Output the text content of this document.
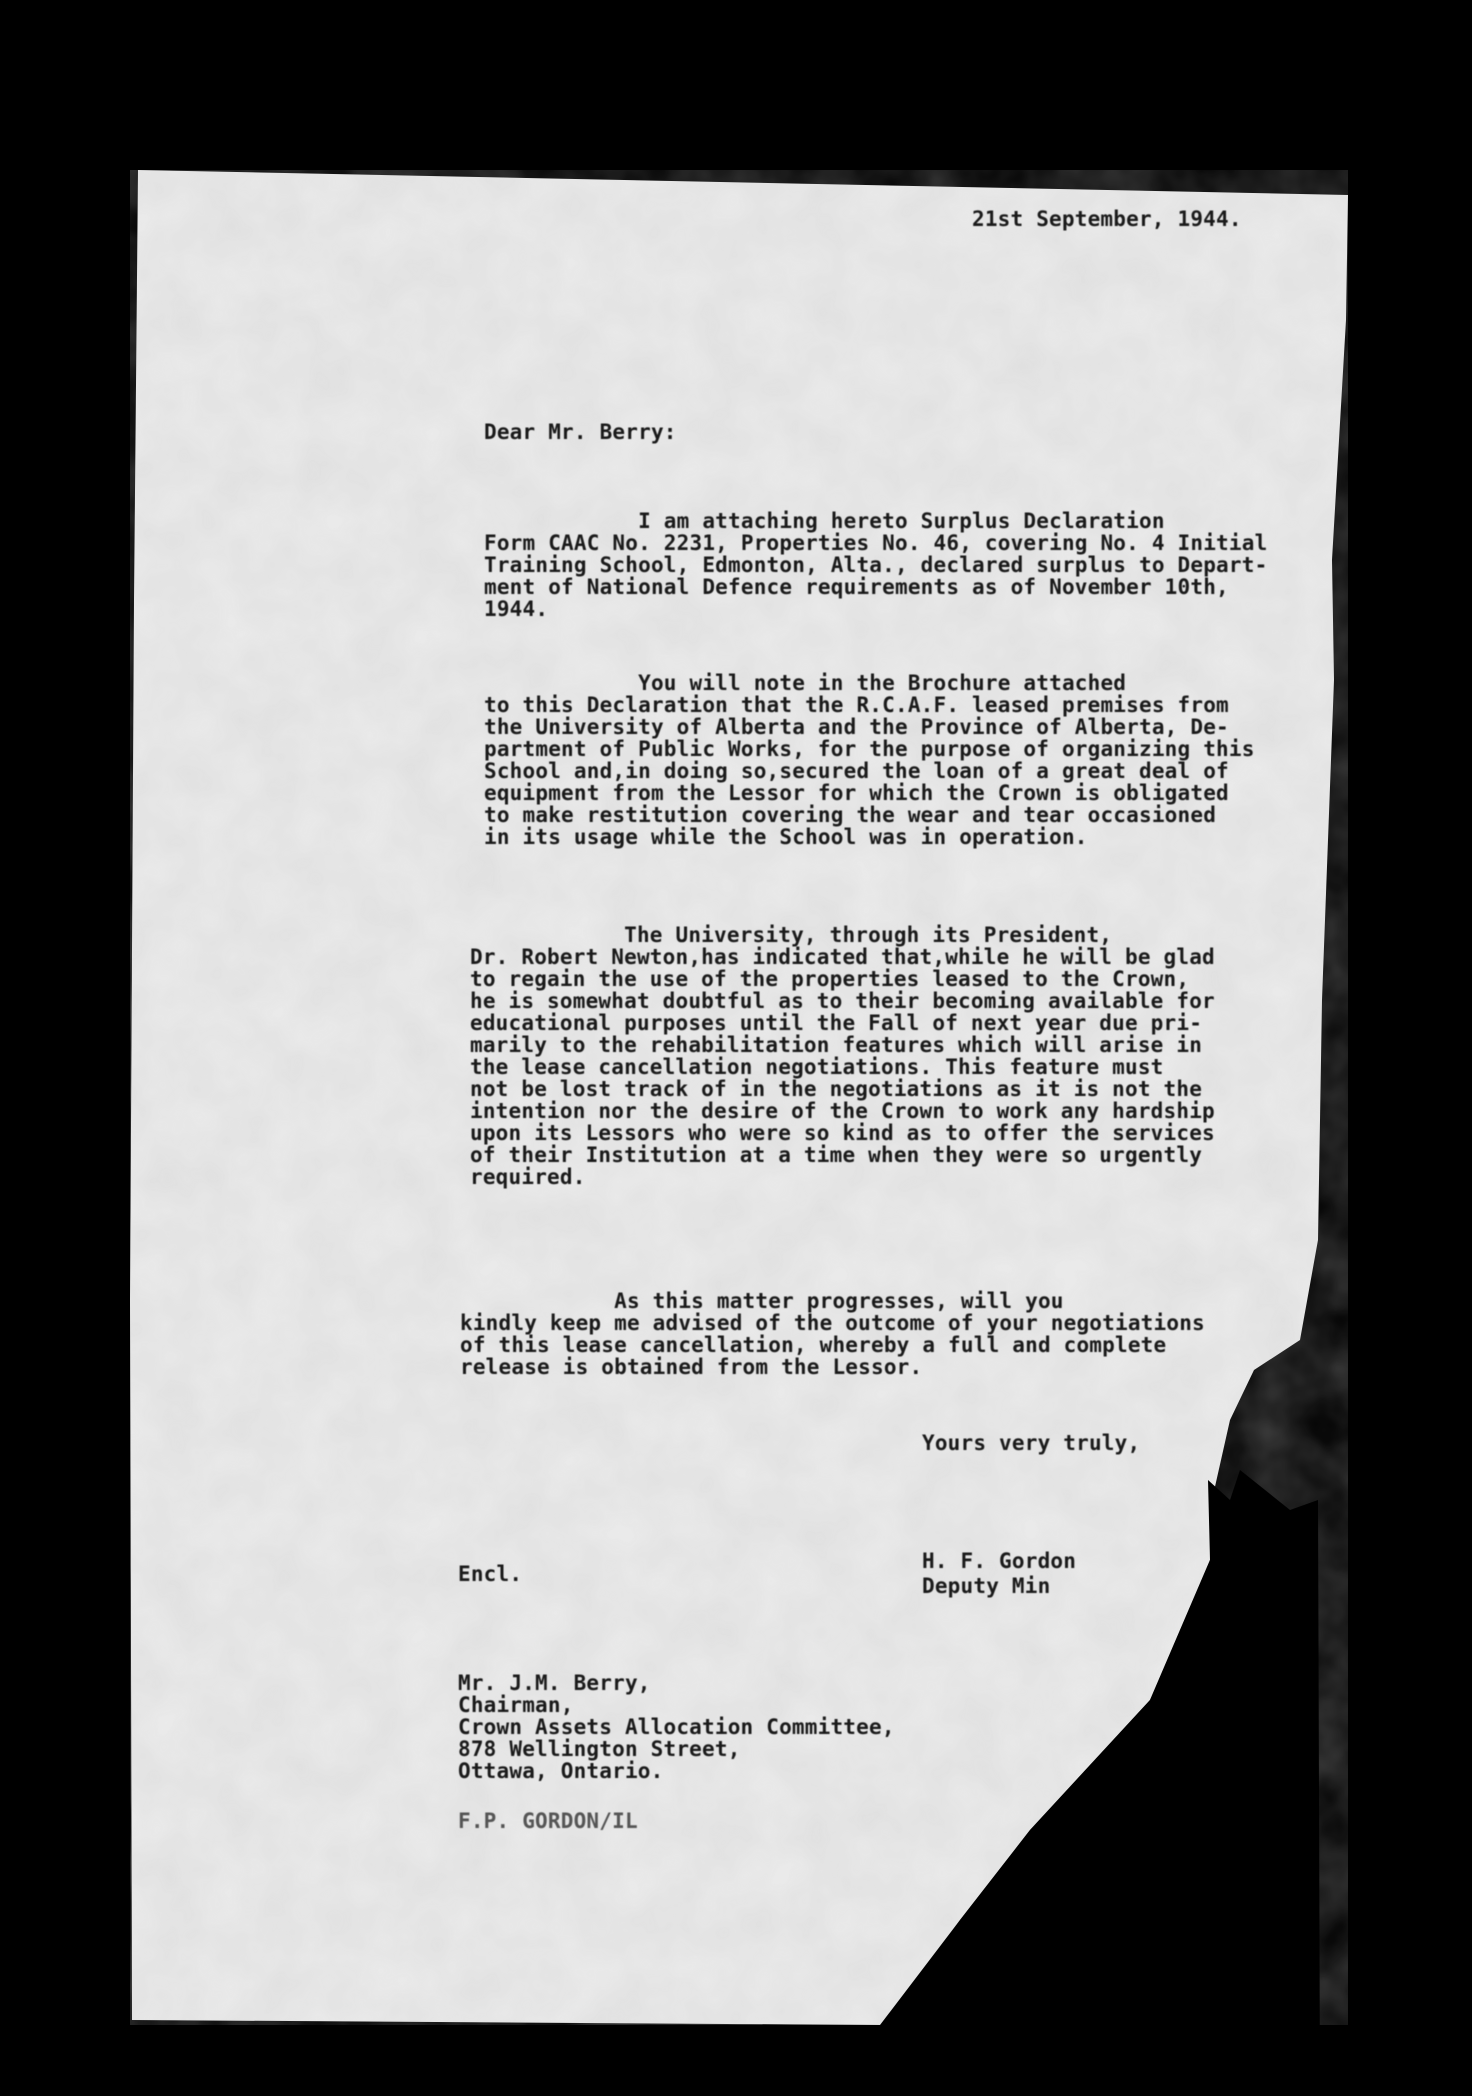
21st September, 1944.
Dear Mr. Berry:
I am attaching hereto Surplus Declaration
Form CAAC No. 2231, Properties No. 46, covering No. 4 Initial
Training School, Edmonton, Alta., declared surplus to Depart-
ment of National Defence requirements as of November 10th,
1944.
You will note in the Brochure attached
to this Declaration that the R.C.A.F. leased premises from
the University of Alberta and the Province of Alberta, De-
partment of Public Works, for the purpose of organizing this
School and,in doing so,secured the loan of a great deal of
equipment from the Lessor for which the Crown is obligated
to make restitution covering the wear and tear occasioned
in its usage while the School was in operation.
The University, through its President,
Dr. Robert Newton,has indicated that,while he will be glad
to regain the use of the properties leased to the Crown,
he is somewhat doubtful as to their becoming available for
educational purposes until the Fall of next year due pri-
marily to the rehabilitation features which will arise in
the lease cancellation negotiations. This feature must
not be lost track of in the negotiations as it is not the
intention nor the desire of the Crown to work any hardship
upon its Lessors who were so kind as to offer the services
of their Institution at a time when they were so urgently
required.
As this matter progresses, will you
kindly keep me advised of the outcome of your negotiations
of this lease cancellation, whereby a full and complete
release is obtained from the Lessor.
Yours very truly,
H. F. Gordon
Deputy Min
Encl.
Mr. J.M. Berry,
Chairman,
Crown Assets Allocation Committee,
878 Wellington Street,
Ottawa, Ontario.
F.P. GORDON/IL
